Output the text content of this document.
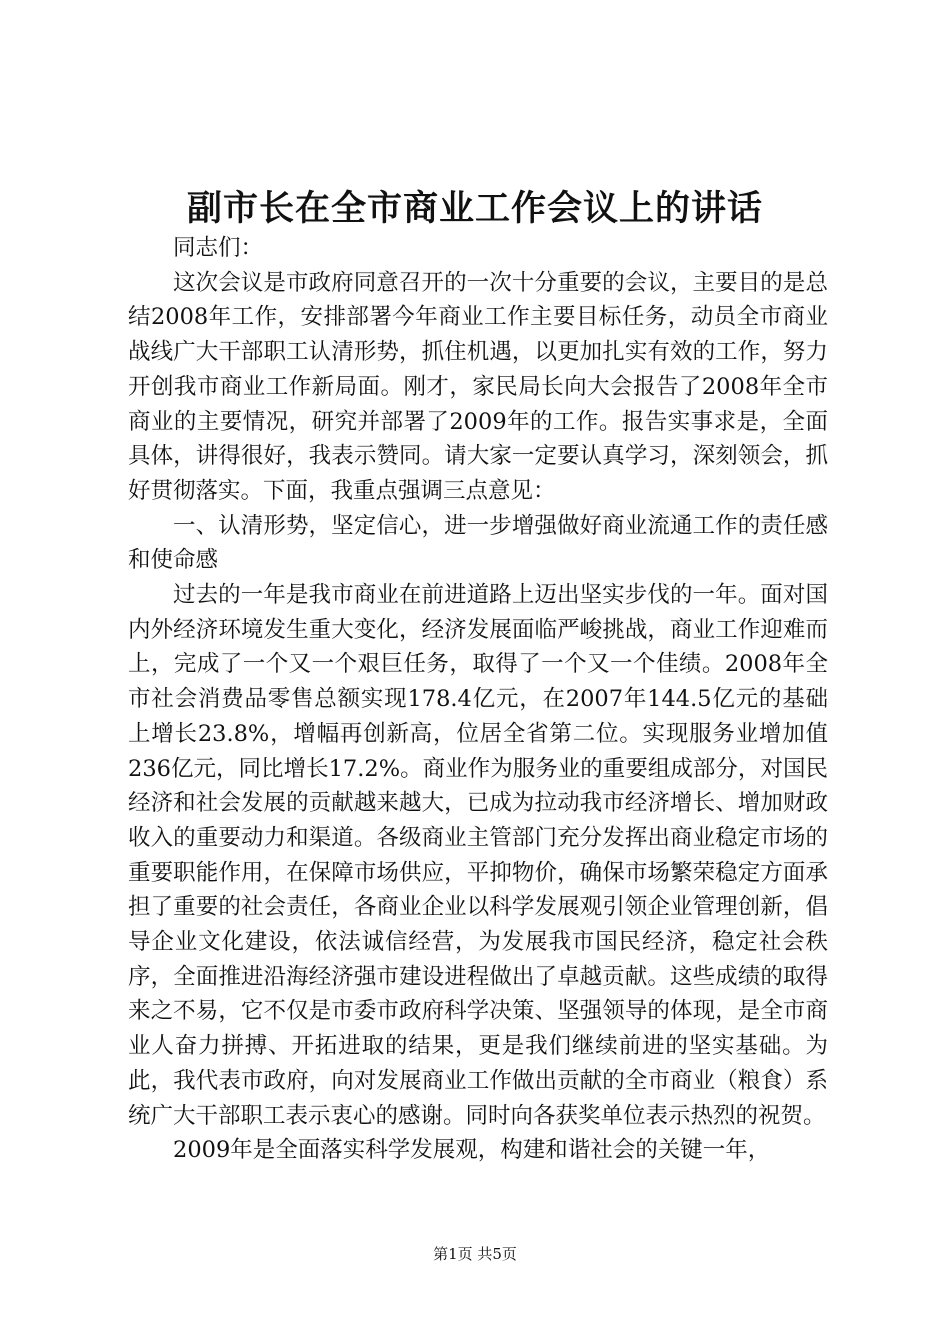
副市长在全市商业工作会议上的讲话

同志们：

这次会议是市政府同意召开的一次十分重要的会议，主要目的是总结2008年工作，安排部署今年商业工作主要目标任务，动员全市商业战线广大干部职工认清形势，抓住机遇，以更加扎实有效的工作，努力开创我市商业工作新局面。刚才，家民局长向大会报告了2008年全市商业的主要情况，研究并部署了2009年的工作。报告实事求是，全面具体，讲得很好，我表示赞同。请大家一定要认真学习，深刻领会，抓好贯彻落实。下面，我重点强调三点意见：

一、认清形势，坚定信心，进一步增强做好商业流通工作的责任感和使命感

过去的一年是我市商业在前进道路上迈出坚实步伐的一年。面对国内外经济环境发生重大变化，经济发展面临严峻挑战，商业工作迎难而上，完成了一个又一个艰巨任务，取得了一个又一个佳绩。2008年全市社会消费品零售总额实现178.4亿元，在2007年144.5亿元的基础上增长23.8%，增幅再创新高，位居全省第二位。实现服务业增加值236亿元，同比增长17.2%。商业作为服务业的重要组成部分，对国民经济和社会发展的贡献越来越大，已成为拉动我市经济增长、增加财政收入的重要动力和渠道。各级商业主管部门充分发挥出商业稳定市场的重要职能作用，在保障市场供应，平抑物价，确保市场繁荣稳定方面承担了重要的社会责任，各商业企业以科学发展观引领企业管理创新，倡导企业文化建设，依法诚信经营，为发展我市国民经济，稳定社会秩序，全面推进沿海经济强市建设进程做出了卓越贡献。这些成绩的取得来之不易，它不仅是市委市政府科学决策、坚强领导的体现，是全市商业人奋力拼搏、开拓进取的结果，更是我们继续前进的坚实基础。为此，我代表市政府，向对发展商业工作做出贡献的全市商业（粮食）系统广大干部职工表示衷心的感谢。同时向各获奖单位表示热烈的祝贺。

2009年是全面落实科学发展观，构建和谐社会的关键一年，

第1页 共5页
